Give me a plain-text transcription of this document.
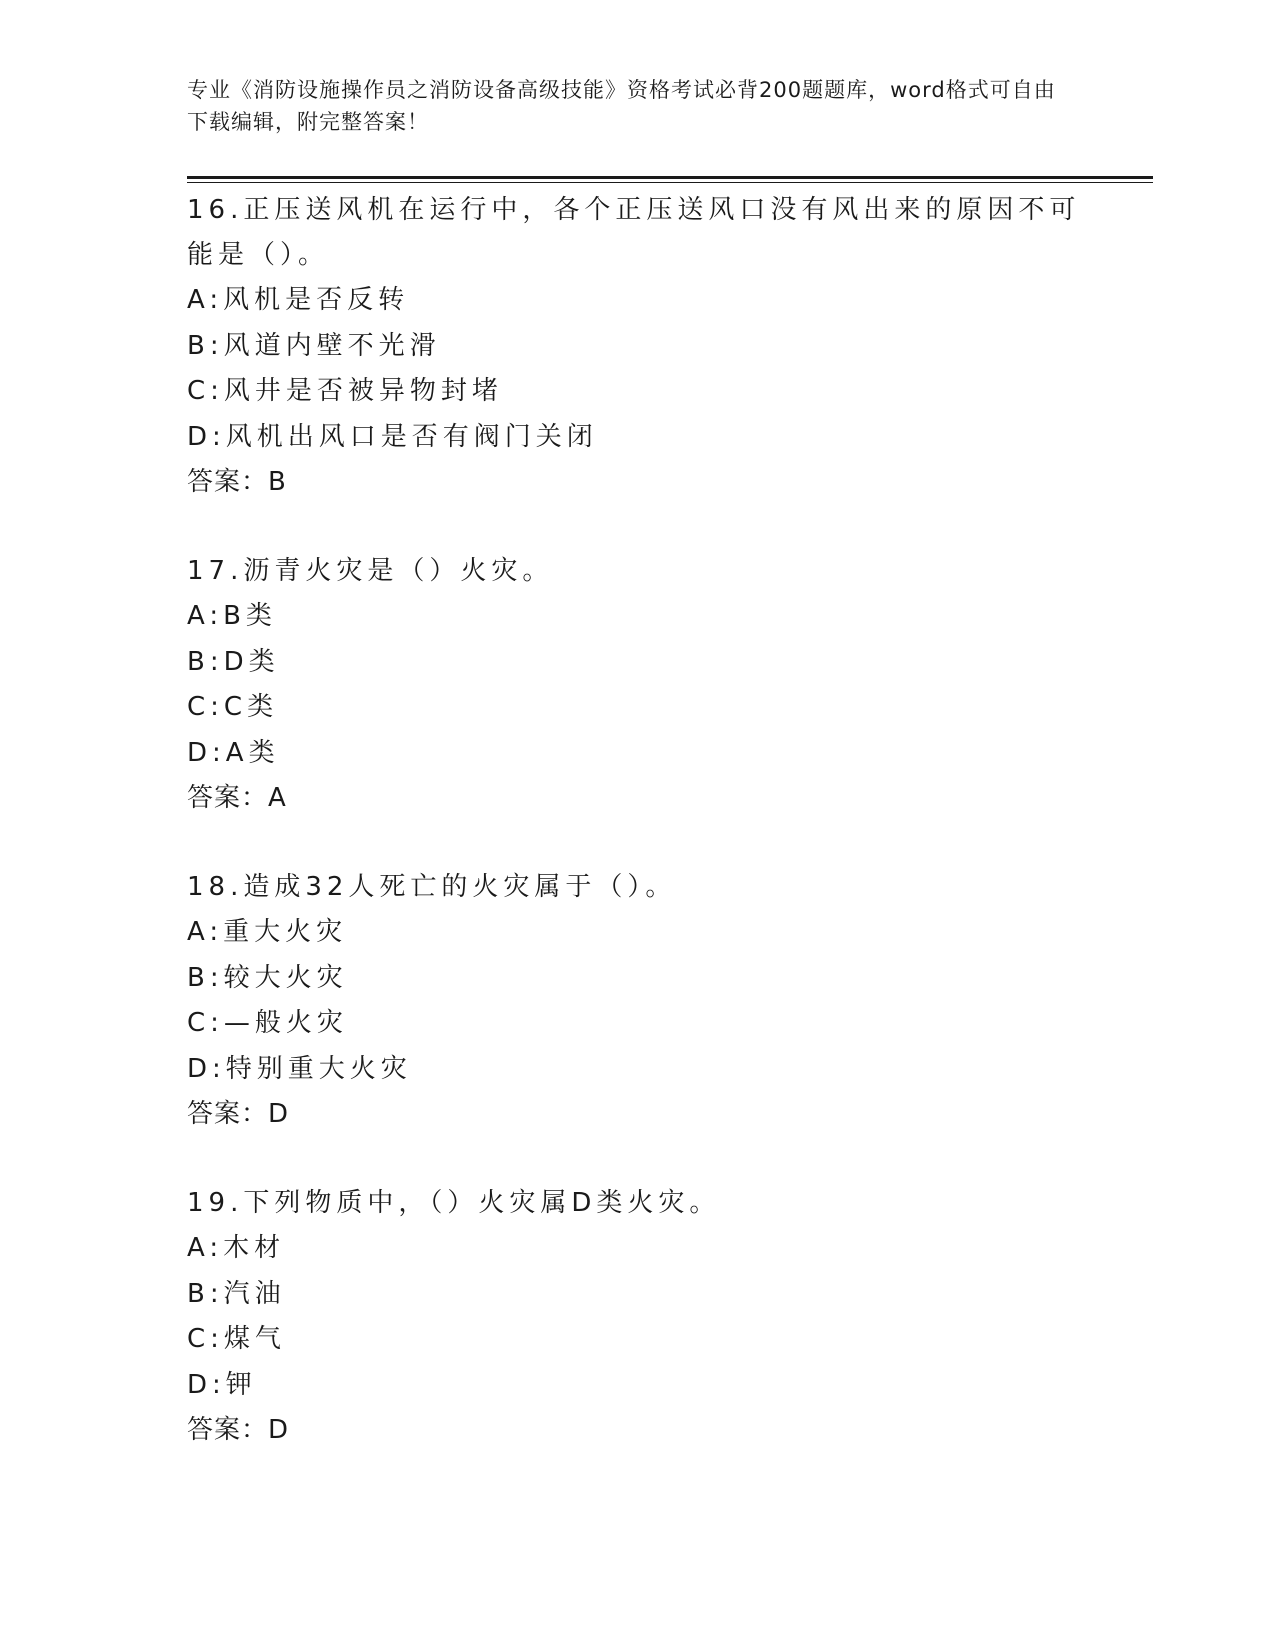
专业《消防设施操作员之消防设备高级技能》资格考试必背200题题库，word格式可自由下载编辑，附完整答案！

16.正压送风机在运行中，各个正压送风口没有风出来的原因不可能是（）。

A:风机是否反转

B:风道内壁不光滑

C:风井是否被异物封堵

D:风机出风口是否有阀门关闭

答案：B

17.沥青火灾是（）火灾。

A:B类

B:D类

C:C类

D:A类

答案：A

18.造成32人死亡的火灾属于（）。

A:重大火灾

B:较大火灾

C:—般火灾

D:特别重大火灾

答案：D

19.下列物质中，（）火灾属D类火灾。

A:木材

B:汽油

C:煤气

D:钾

答案：D
